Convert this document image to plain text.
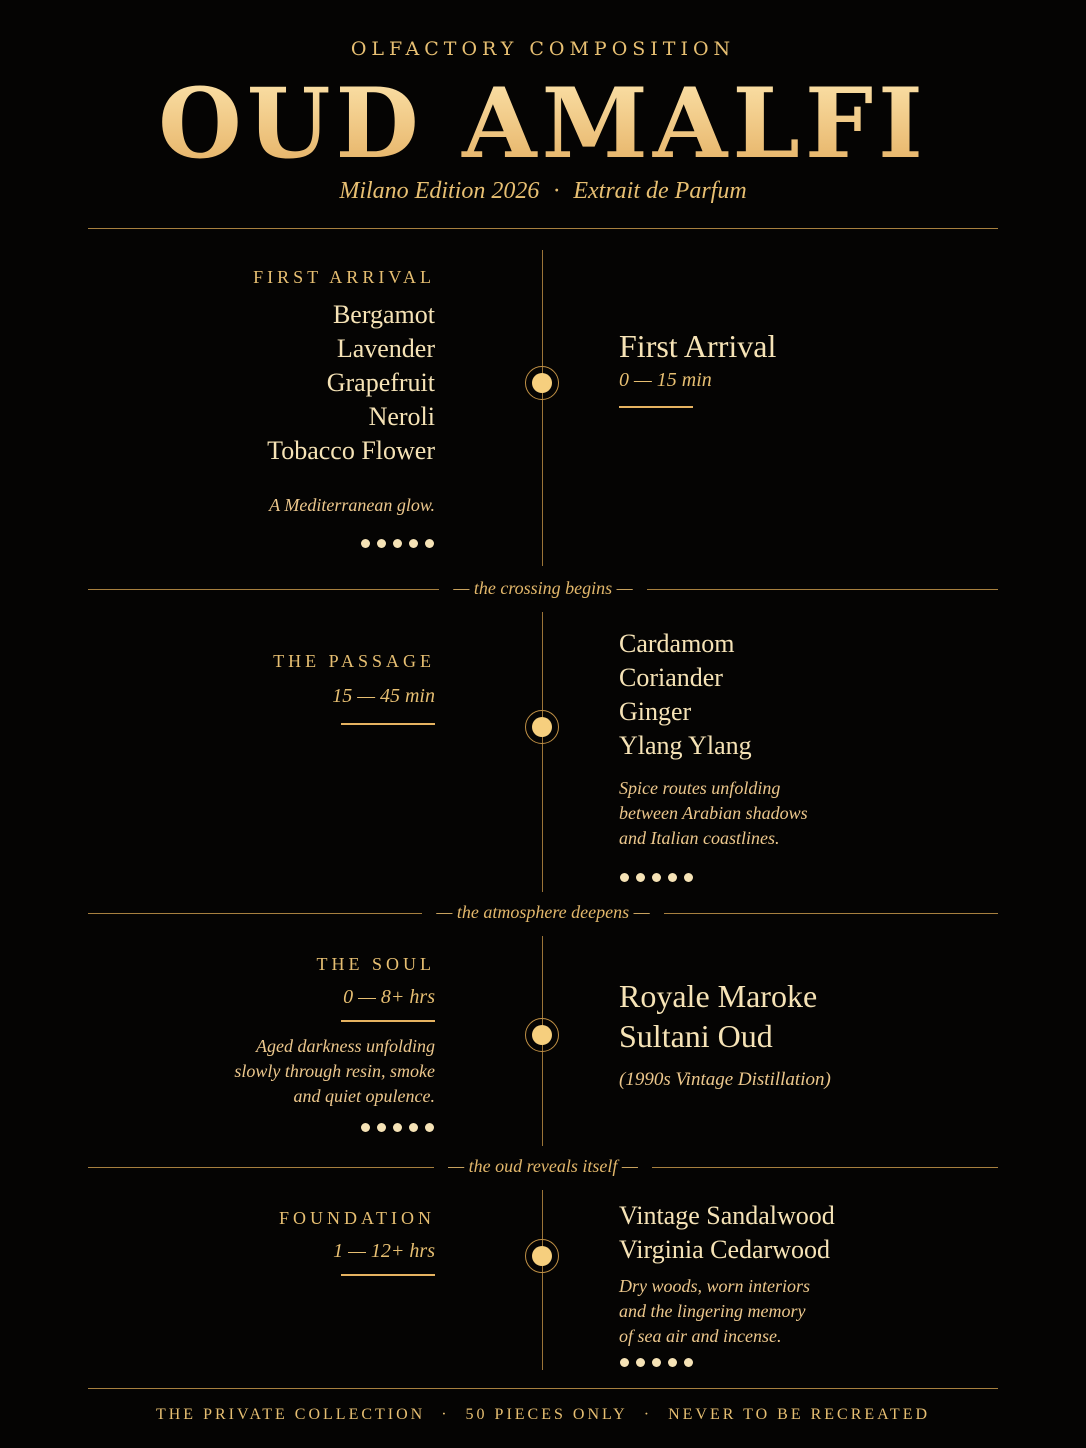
OLFACTORY COMPOSITION
OUD AMALFI
Milano Edition 2026 · Extrait de Parfum
FIRST ARRIVAL
Bergamot
Lavender
Grapefruit
Neroli
Tobacco Flower
A Mediterranean glow.
First Arrival
0 — 15 min
— the crossing begins —
THE PASSAGE
15 — 45 min
Cardamom
Coriander
Ginger
Ylang Ylang
Spice routes unfolding
between Arabian shadows
and Italian coastlines.
— the atmosphere deepens —
THE SOUL
0 — 8+ hrs
Aged darkness unfolding
slowly through resin, smoke
and quiet opulence.
Royale Maroke
Sultani Oud
(1990s Vintage Distillation)
— the oud reveals itself —
FOUNDATION
1 — 12+ hrs
Vintage Sandalwood
Virginia Cedarwood
Dry woods, worn interiors
and the lingering memory
of sea air and incense.
THE PRIVATE COLLECTION · 50 PIECES ONLY · NEVER TO BE RECREATED
